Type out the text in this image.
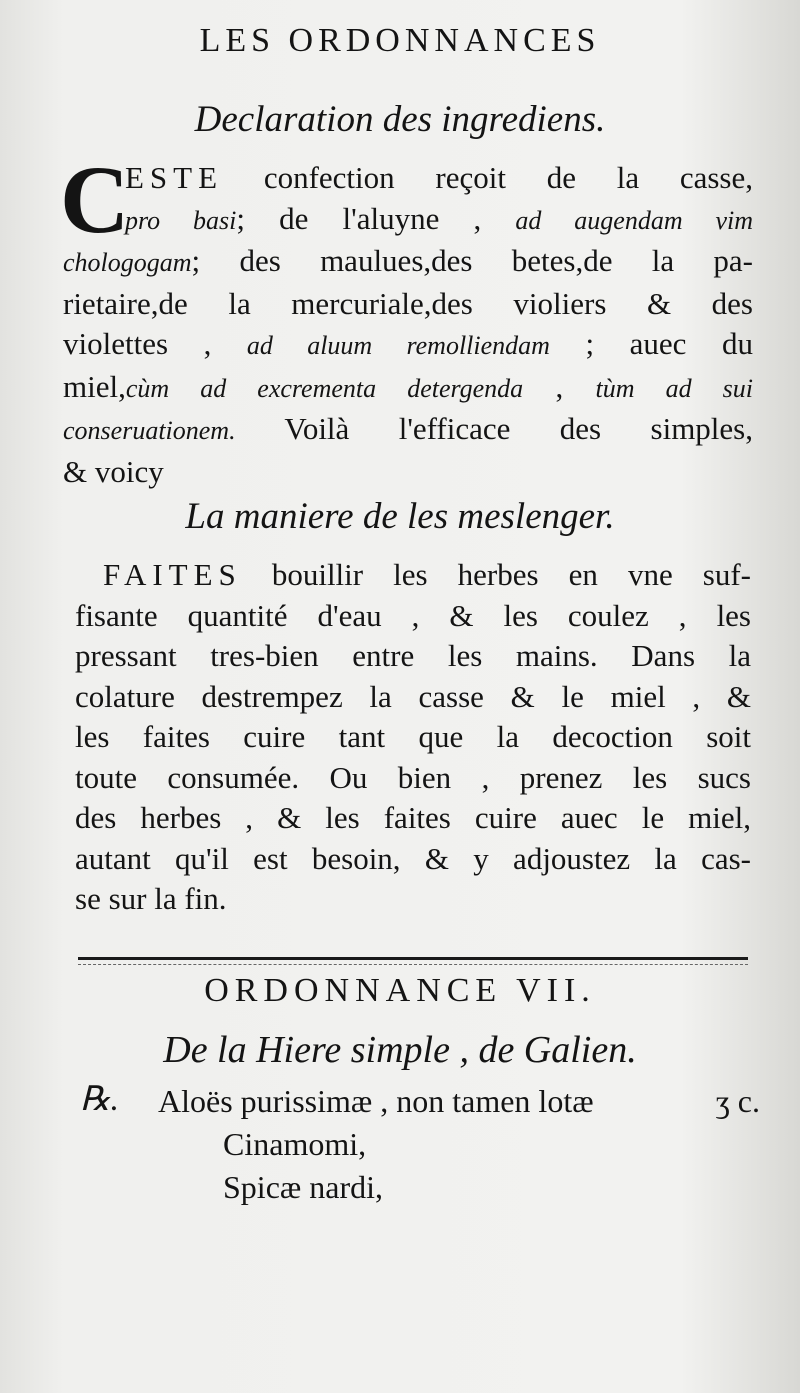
LES ORDONNANCES
Declaration des ingrediens.
C
ESTE confection reçoit de la casse,
pro basi; de l'aluyne , ad augendam vim
chologogam; des maulues,des betes,de la pa-
rietaire,de la mercuriale,des violiers & des
violettes , ad aluum remolliendam ; auec du
miel,cùm ad excrementa detergenda , tùm ad sui
conseruationem. Voilà l'efficace des simples,
& voicy
La maniere de les meslenger.
FAITES bouillir les herbes en vne suf-
fisante quantité d'eau , & les coulez , les
pressant tres-bien entre les mains. Dans la
colature destrempez la casse & le miel , &
les faites cuire tant que la decoction soit
toute consumée. Ou bien , prenez les sucs
des herbes , & les faites cuire auec le miel,
autant qu'il est besoin, & y adjoustez la cas-
se sur la fin.
ORDONNANCE VII.
De la Hiere simple , de Galien.
℞. Aloës purissimæ , non tamen lotæ	ʒ c.
Cinamomi,
Spicæ nardi,
